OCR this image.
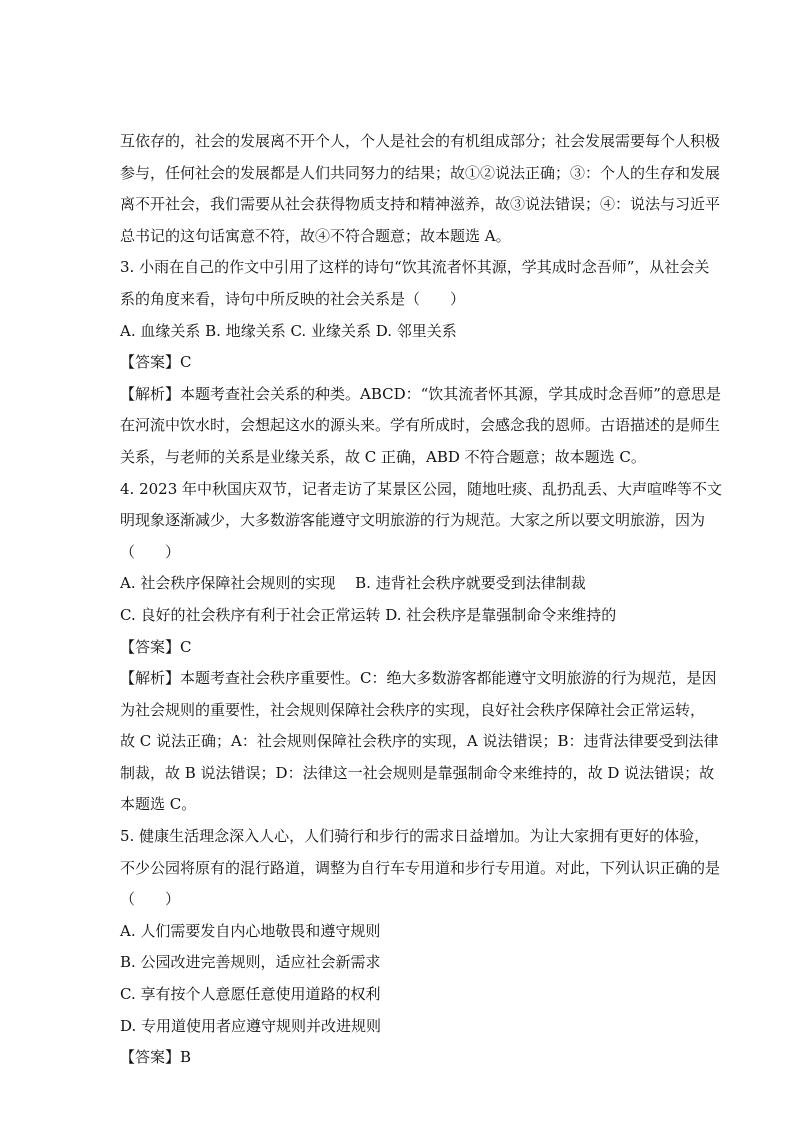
互依存的，社会的发展离不开个人，个人是社会的有机组成部分；社会发展需要每个人积极
参与，任何社会的发展都是人们共同努力的结果；故①②说法正确；③：个人的生存和发展
离不开社会，我们需要从社会获得物质支持和精神滋养，故③说法错误；④：说法与习近平
总书记的这句话寓意不符，故④不符合题意；故本题选 A。
3. 小雨在自己的作文中引用了这样的诗句“饮其流者怀其源，学其成时念吾师”，从社会关
系的角度来看，诗句中所反映的社会关系是（　　）
A. 血缘关系 B. 地缘关系 C. 业缘关系 D. 邻里关系
【答案】C
【解析】本题考查社会关系的种类。ABCD：“饮其流者怀其源，学其成时念吾师”的意思是
在河流中饮水时，会想起这水的源头来。学有所成时，会感念我的恩师。古语描述的是师生
关系，与老师的关系是业缘关系，故 C 正确，ABD 不符合题意；故本题选 C。
4. 2023 年中秋国庆双节，记者走访了某景区公园，随地吐痰、乱扔乱丢、大声喧哗等不文
明现象逐渐减少，大多数游客能遵守文明旅游的行为规范。大家之所以要文明旅游，因为
（　　）
A. 社会秩序保障社会规则的实现　 B. 违背社会秩序就要受到法律制裁
C. 良好的社会秩序有利于社会正常运转 D. 社会秩序是靠强制命令来维持的
【答案】C
【解析】本题考查社会秩序重要性。C：绝大多数游客都能遵守文明旅游的行为规范，是因
为社会规则的重要性，社会规则保障社会秩序的实现，良好社会秩序保障社会正常运转，
故 C 说法正确；A：社会规则保障社会秩序的实现，A 说法错误；B：违背法律要受到法律
制裁，故 B 说法错误；D：法律这一社会规则是靠强制命令来维持的，故 D 说法错误；故
本题选 C。
5. 健康生活理念深入人心，人们骑行和步行的需求日益增加。为让大家拥有更好的体验，
不少公园将原有的混行路道，调整为自行车专用道和步行专用道。对此，下列认识正确的是
（　　）
A. 人们需要发自内心地敬畏和遵守规则
B. 公园改进完善规则，适应社会新需求
C. 享有按个人意愿任意使用道路的权利
D. 专用道使用者应遵守规则并改进规则
【答案】B
